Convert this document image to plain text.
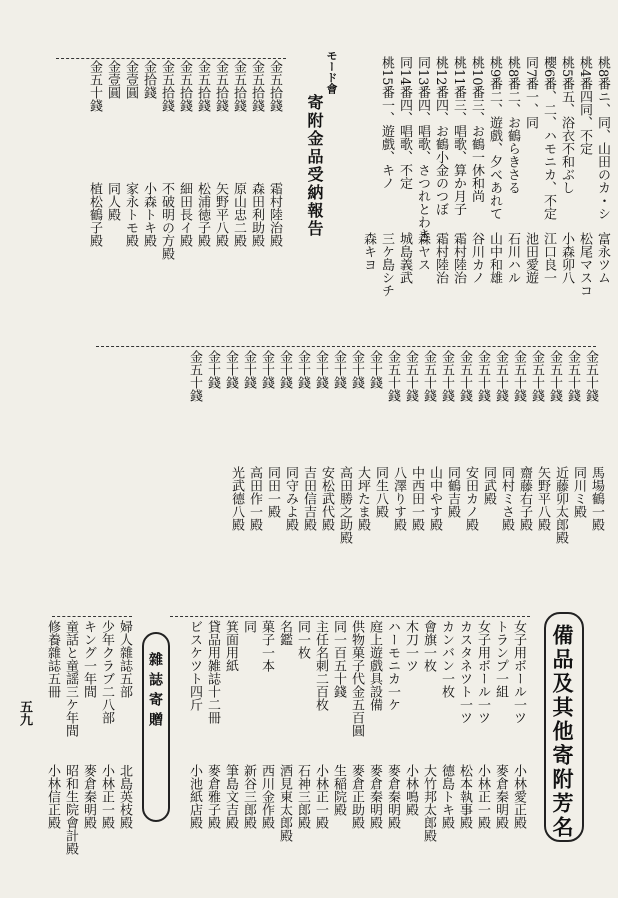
金五拾錢
金五拾錢
金五拾錢
金五拾錢
金五拾錢
金五拾錢
金五拾錢
金拾錢
金壹圓
金壹圓
金五十錢
霜村陸治殿
森田利助殿
原山忠二殿
矢野平八殿
松浦徳子殿
細田長イ殿
不破明の方殿
小森トキ殿
家永トモ殿
同人殿
植松鶴子殿
モード會
寄附金品受納報告	桃8番ニ、同、山田のカ・シ
桃4番四同、不定
桃5番五、浴衣不和ぶし
櫻6番、二、ハモニカ、不定
同7番一、同
桃8番二、お鶴らきさる
桃9番二、遊戲、夕べあれて
桃10番三、お鶴一休和尚
桃11番三、唱歌、算か月子
桃12番四、お鶴小金のつぼ
同13番四、唱歌、さつれとわき
同14番四、唱歌、不定
桃15番一、遊戲、キノ
富永ツム
松尾マスコ
小森卯八
江口良一
池田愛遊
石川ハル
山中和雄
谷川カノ
霜村陸治
霜村陸治
森ヤス
城島義武
三ケ島シチ
森キヨ
金五十錢
金五十錢
金五十錢
金五十錢
金五十錢
金五十錢
金五十錢
金五十錢
金五十錢
金五十錢
金五十錢
金五十錢
金十錢
金十錢
金十錢
金十錢
金十錢
金十錢
金十錢
金十錢
金十錢
金十錢
金五十錢
馬場鶴一殿
同川ミ殿
近藤卯太郎殿
矢野平八殿
齋藤右子殿
同村ミさ殿
同武殿
安田カノ殿
同鶴吉殿
山中やす殿
中西田一殿
八澤りす殿
同生八殿
大坪たま殿
高田勝之助殿
安松武代殿
吉田信吉殿
同守みよ殿
同田一殿
高田作一殿
光武德八殿
備品及其他寄附芳名
女子用ボール一ツ
トランプ一組
女子用ボール一ツ
カスタネツト一ツ
カンバン一枚
會旗一枚
木刀一ツ
ハーモニカ一ケ
庭上遊戲具設備
供物菓子代金五百圓
同一百五十錢
主任名刺二百枚
同一枚
名鑑
菓子一本
同
箕面用紙
貸品用雑誌十二冊
ビスケツト四斤
小林愛正殿
麥倉秦明殿
小林正一殿
松本執事殿
德島トキ殿
大竹邦太郎殿
小林鳴殿
麥倉秦明殿
麥倉秦明殿
麥倉正助殿
生稲院殿
小林正一殿
石神三郎殿
酒見東太郎殿
西川金作殿
新谷三郎殿
筆島文吉殿
麥倉雅子殿
小池紙店殿
雜誌寄贈
婦人雜誌五部
少年クラブ二八部
キング一年間
童話と童謡三ケ年間
修養雜誌五冊
北島英枝殿
小林正一殿
麥倉秦明殿
昭和生院會計殿
小林信正殿
五九
